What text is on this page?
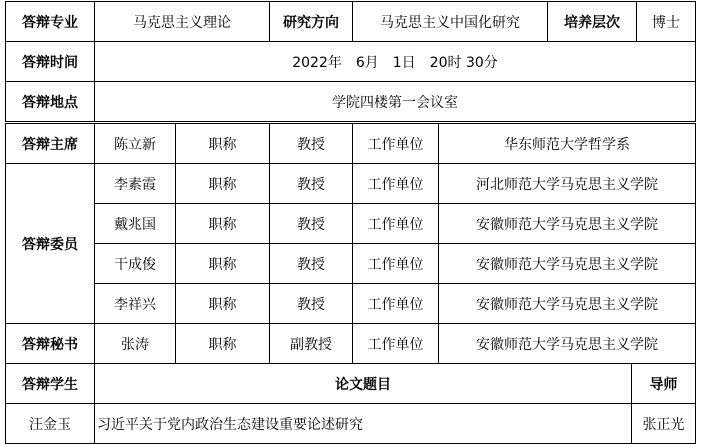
答辩专业	马克思主义理论	研究方向	马克思主义中国化研究	培养层次	博士
答辩时间	2022年　6月　1日　20时 30分				
答辩地点	学院四楼第一会议室				
答辩主席	陈立新	职称	教授	工作单位	华东师范大学哲学系
答辩委员	李素霞	职称	教授	工作单位	河北师范大学马克思主义学院
	戴兆国	职称	教授	工作单位	安徽师范大学马克思主义学院
	干成俊	职称	教授	工作单位	安徽师范大学马克思主义学院
	李祥兴	职称	教授	工作单位	安徽师范大学马克思主义学院
答辩秘书	张涛	职称	副教授	工作单位	安徽师范大学马克思主义学院
答辩学生	论文题目	导师
汪金玉	习近平关于党内政治生态建设重要论述研究	张正光
